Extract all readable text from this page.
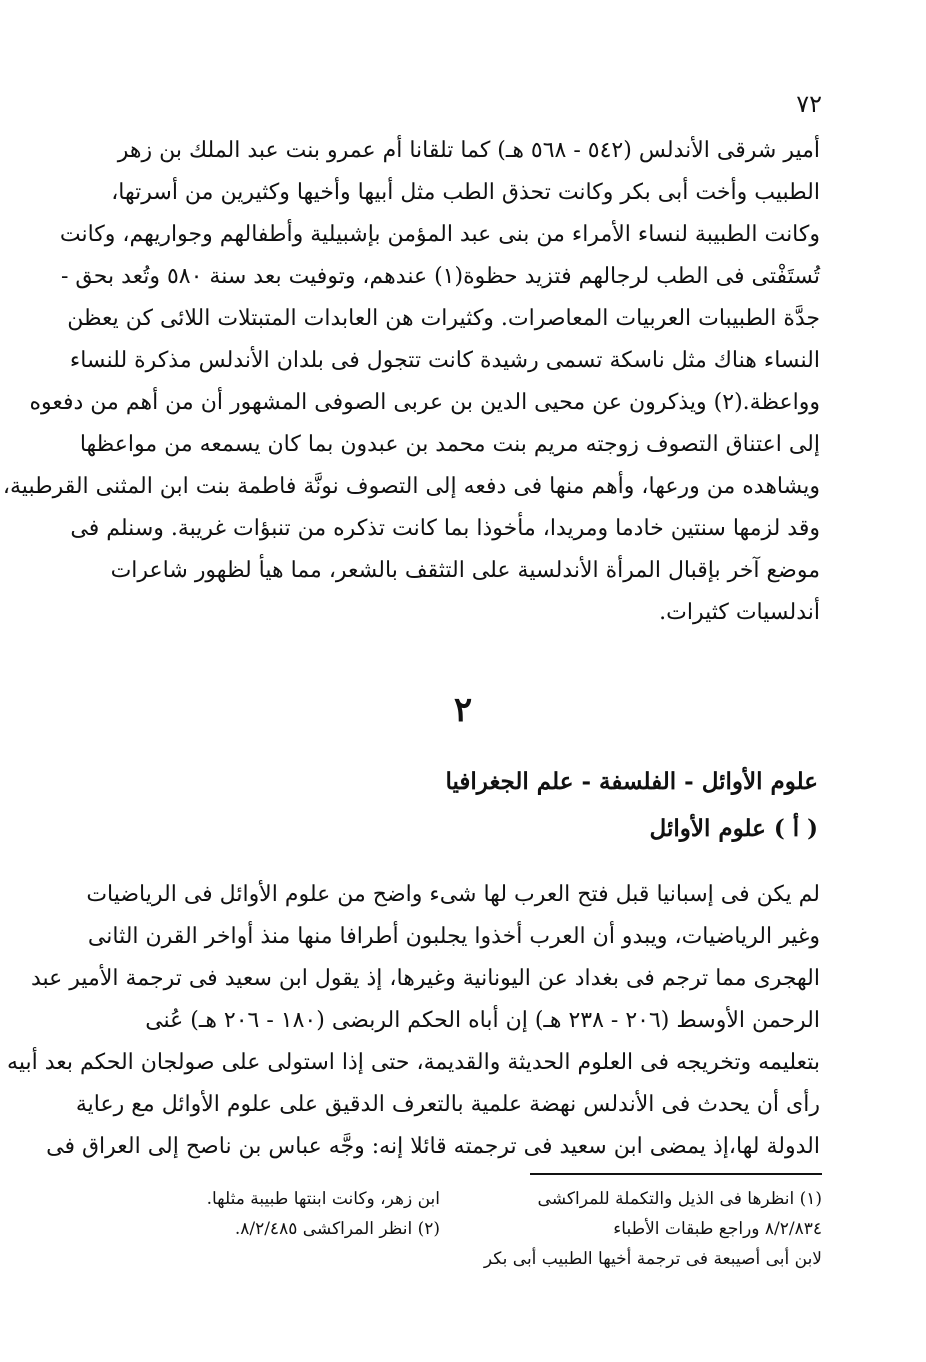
٧٢
أمير شرقى الأندلس (٥٤٢ - ٥٦٨ هـ) كما تلقانا أم عمرو بنت عبد الملك بن زهر
الطبيب وأخت أبى بكر وكانت تحذق الطب مثل أبيها وأخيها وكثيرين من أسرتها،
وكانت الطبيبة لنساء الأمراء من بنى عبد المؤمن بإشبيلية وأطفالهم وجواريهم، وكانت
تُستَفْتى فى الطب لرجالهم فتزيد حظوة(١) عندهم، وتوفيت بعد سنة ٥٨٠ وتُعد بحق -
جدَّة الطبيبات العربيات المعاصرات. وكثيرات هن العابدات المتبتلات اللائى كن يعظن
النساء هناك مثل ناسكة تسمى رشيدة كانت تتجول فى بلدان الأندلس مذكرة للنساء
وواعظة.(٢) ويذكرون عن محيى الدين بن عربى الصوفى المشهور أن من أهم من دفعوه
إلى اعتناق التصوف زوجته مريم بنت محمد بن عبدون بما كان يسمعه من مواعظها
ويشاهده من ورعها، وأهم منها فى دفعه إلى التصوف نونَّة فاطمة بنت ابن المثنى القرطبية،
وقد لزمها سنتين خادما ومريدا، مأخوذا بما كانت تذكره من تنبؤات غريبة. وسنلم فى
موضع آخر بإقبال المرأة الأندلسية على التثقف بالشعر، مما هيأ لظهور شاعرات
أندلسيات كثيرات.
٢
علوم الأوائل - الفلسفة - علم الجغرافيا
( أ ) علوم الأوائل
لم يكن فى إسبانيا قبل فتح العرب لها شىء واضح من علوم الأوائل فى الرياضيات
وغير الرياضيات، ويبدو أن العرب أخذوا يجلبون أطرافا منها منذ أواخر القرن الثانى
الهجرى مما ترجم فى بغداد عن اليونانية وغيرها، إذ يقول ابن سعيد فى ترجمة الأمير عبد
الرحمن الأوسط (٢٠٦ - ٢٣٨ هـ) إن أباه الحكم الربضى (١٨٠ - ٢٠٦ هـ) عُنى
بتعليمه وتخريجه فى العلوم الحديثة والقديمة، حتى إذا استولى على صولجان الحكم بعد أبيه
رأى أن يحدث فى الأندلس نهضة علمية بالتعرف الدقيق على علوم الأوائل مع رعاية
الدولة لها،إذ يمضى ابن سعيد فى ترجمته قائلا إنه: وجَّه عباس بن ناصح إلى العراق فى
(١) انظرها فى الذيل والتكملة للمراكشى
٨/٢/٨٣٤ وراجع طبقات الأطباء
لابن أبى أصيبعة فى ترجمة أخيها الطبيب أبى بكر
ابن زهر، وكانت ابنتها طبيبة مثلها.
(٢) انظر المراكشى ٨/٢/٤٨٥.
